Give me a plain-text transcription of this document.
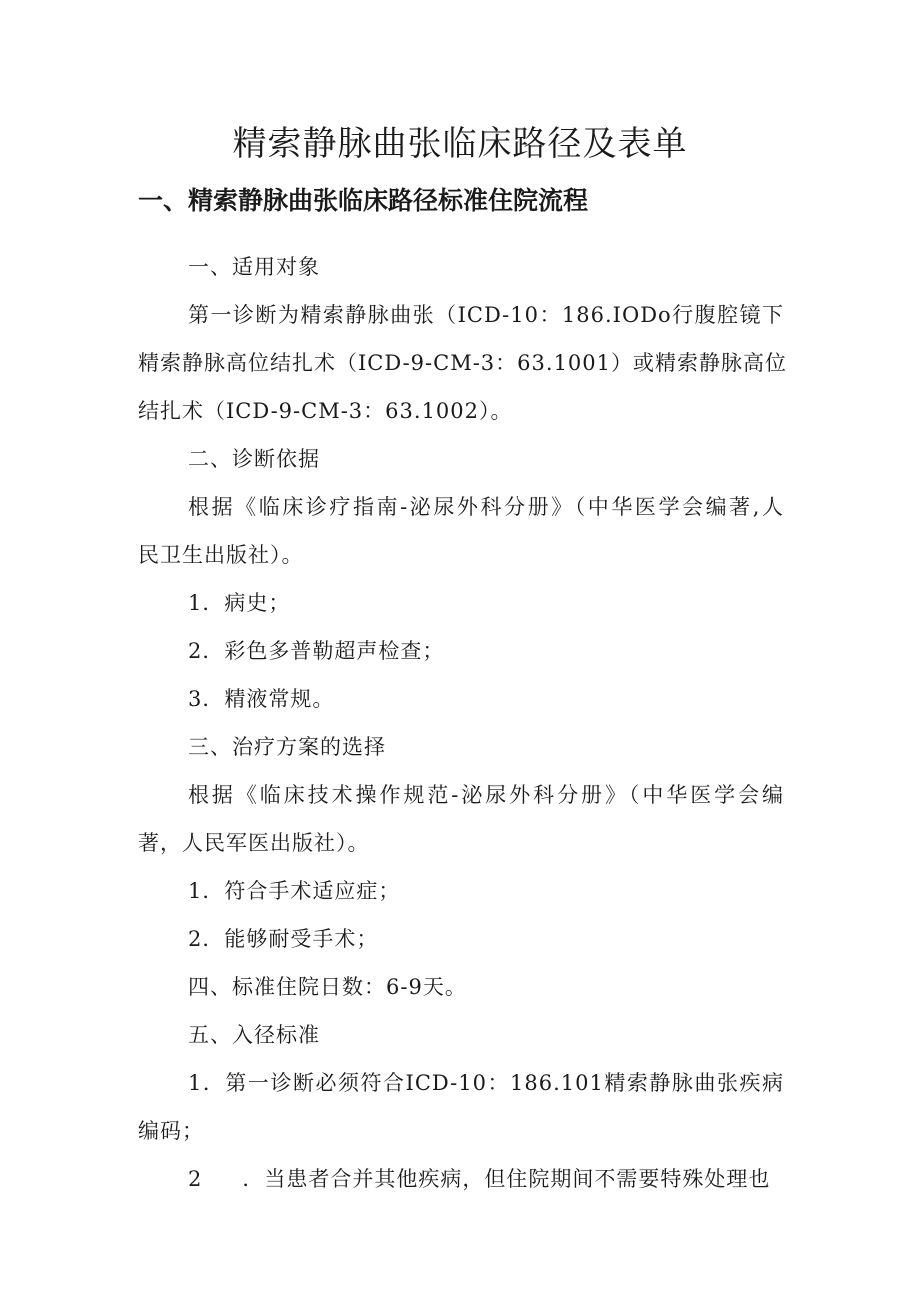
精索静脉曲张临床路径及表单
一、精索静脉曲张临床路径标准住院流程

一、适用对象

第一诊断为精索静脉曲张（ICD-10：186.IODo行腹腔镜下

精索静脉高位结扎术（ICD-9-CM-3：63.1001）或精索静脉高位

结扎术（ICD-9-CM-3：63.1002）。

二、诊断依据

根据《临床诊疗指南-泌尿外科分册》（中华医学会编著,人

民卫生出版社）。

1．病史；

2．彩色多普勒超声检查；

3．精液常规。

三、治疗方案的选择

根据《临床技术操作规范-泌尿外科分册》（中华医学会编

著，人民军医出版社）。

1．符合手术适应症；

2．能够耐受手术；

四、标准住院日数：6-9天。

五、入径标准

1．第一诊断必须符合ICD-10：186.101精索静脉曲张疾病

编码；

2 ．当患者合并其他疾病，但住院期间不需要特殊处理也
